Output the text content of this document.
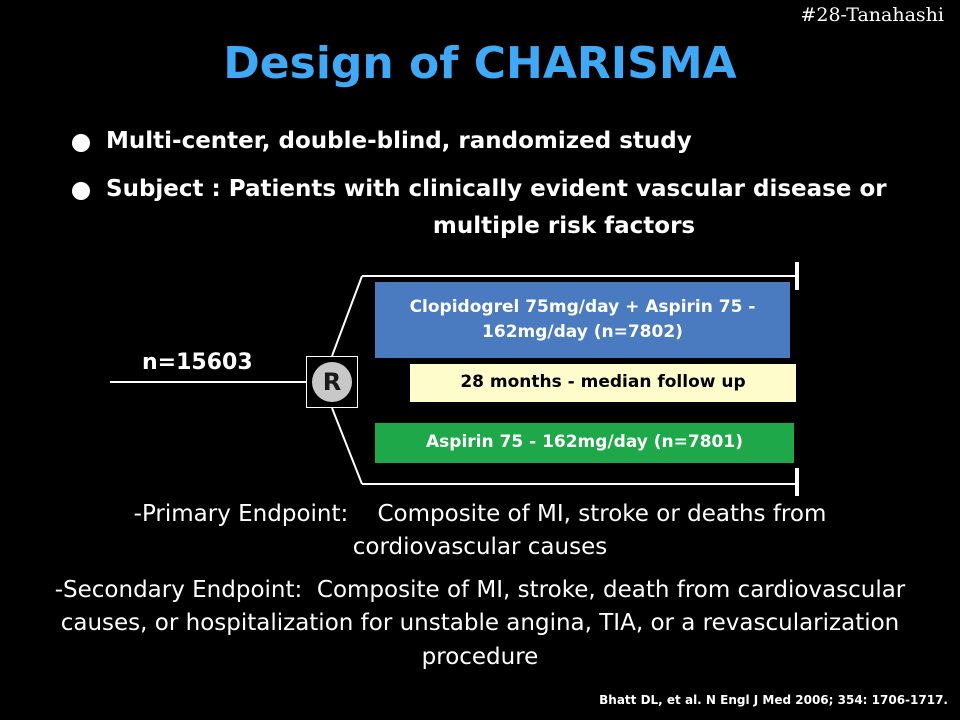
#28-Tanahashi
Design of CHARISMA
Multi-center, double-blind, randomized study
Subject : Patients with clinically evident vascular disease or
multiple risk factors
n=15603
R
Clopidogrel 75mg/day + Aspirin 75 - 162mg/day (n=7802)
28 months - median follow up
Aspirin 75 - 162mg/day (n=7801)
-Primary Endpoint:    Composite of MI, stroke or deaths from cordiovascular causes
-Secondary Endpoint:  Composite of MI, stroke, death from cardiovascular causes, or hospitalization for unstable angina, TIA, or a revascularization procedure
Bhatt DL, et al. N Engl J Med 2006; 354: 1706-1717.
